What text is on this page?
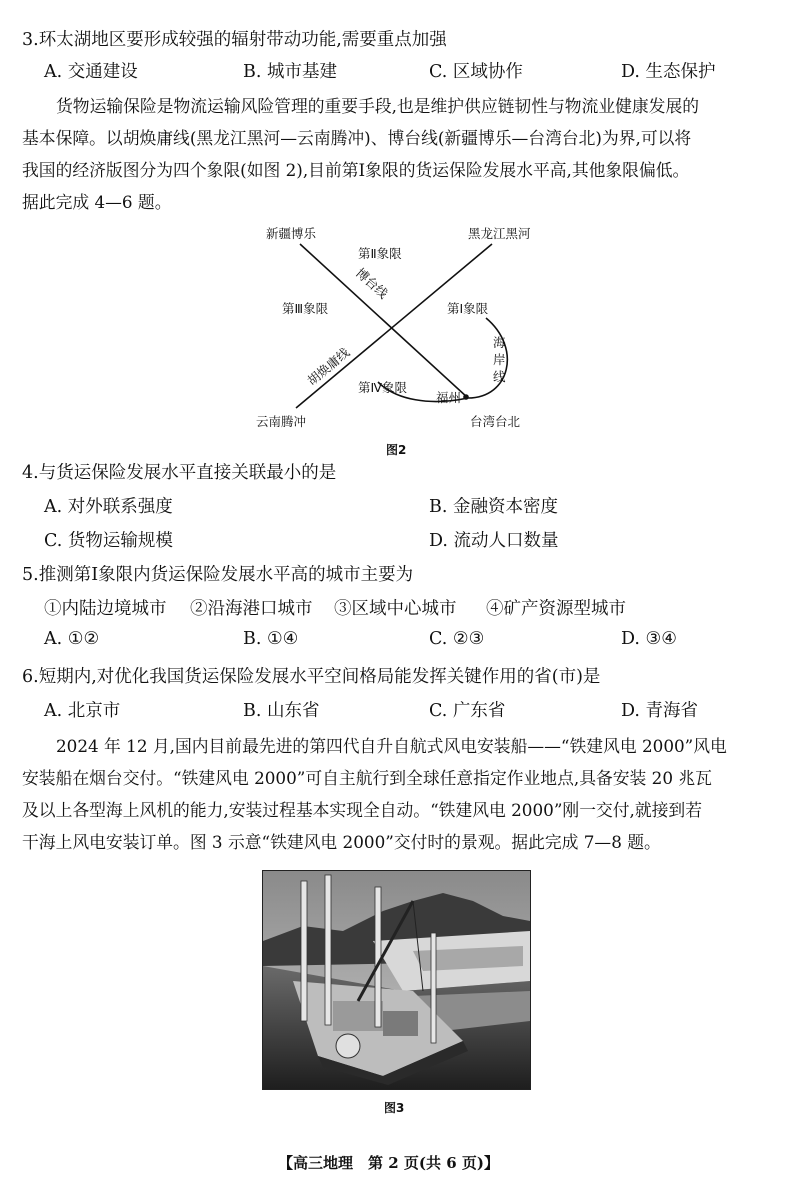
3.环太湖地区要形成较强的辐射带动功能,需要重点加强
A. 交通建设	B. 城市基建	C. 区域协作	D. 生态保护
货物运输保险是物流运输风险管理的重要手段,也是维护供应链韧性与物流业健康发展的
基本保障。以胡焕庸线(黑龙江黑河—云南腾冲)、博台线(新疆博乐—台湾台北)为界,可以将
我国的经济版图分为四个象限(如图 2),目前第Ⅰ象限的货运保险发展水平高,其他象限偏低。
据此完成 4—6 题。
新疆博乐	黑龙江黑河
第Ⅱ象限
第Ⅲ象限	第Ⅰ象限
第Ⅳ象限
博台线
胡焕庸线
福州
云南腾冲	台湾台北
海岸线
图2
4.与货运保险发展水平直接关联最小的是
A. 对外联系强度	B. 金融资本密度
C. 货物运输规模	D. 流动人口数量
5.推测第Ⅰ象限内货运保险发展水平高的城市主要为
①内陆边境城市 ②沿海港口城市 ③区域中心城市 ④矿产资源型城市
A. ①②	B. ①④	C. ②③	D. ③④
6.短期内,对优化我国货运保险发展水平空间格局能发挥关键作用的省(市)是
A. 北京市	B. 山东省	C. 广东省	D. 青海省
2024 年 12 月,国内目前最先进的第四代自升自航式风电安装船——“铁建风电 2000”风电
安装船在烟台交付。“铁建风电 2000”可自主航行到全球任意指定作业地点,具备安装 20 兆瓦
及以上各型海上风机的能力,安装过程基本实现全自动。“铁建风电 2000”刚一交付,就接到若
干海上风电安装订单。图 3 示意“铁建风电 2000”交付时的景观。据此完成 7—8 题。
图3
【高三地理　第 2 页(共 6 页)】
